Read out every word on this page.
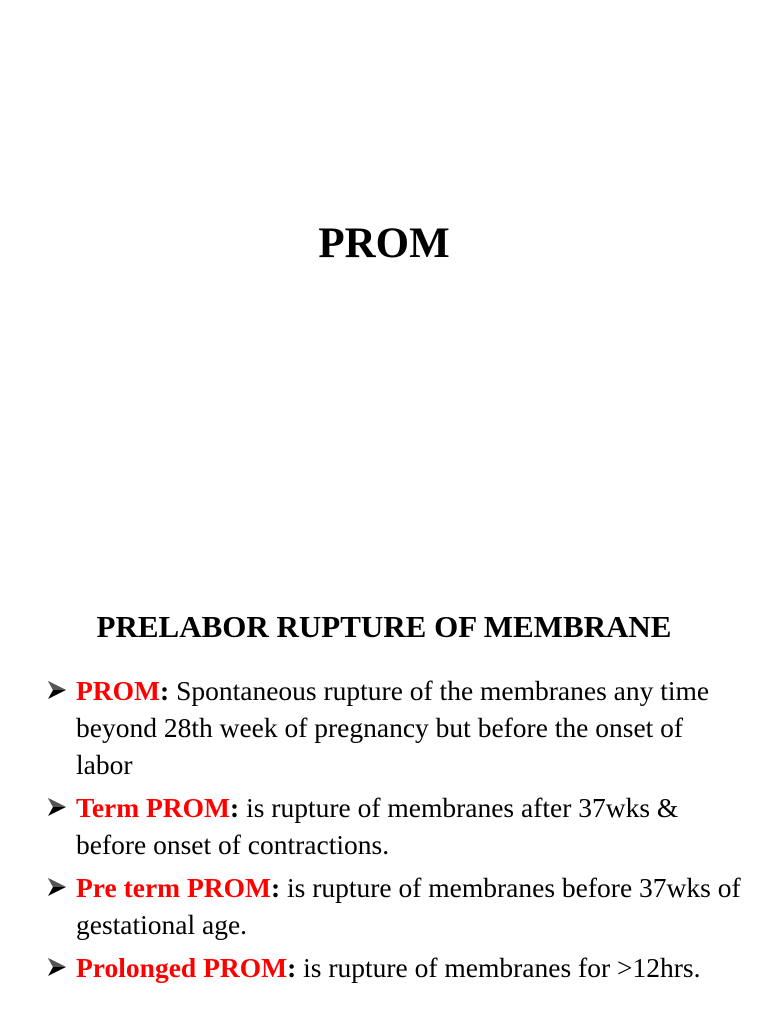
PROM
PRELABOR RUPTURE OF MEMBRANE
PROM: Spontaneous rupture of the membranes any time beyond 28th week of pregnancy but before the onset of labor
Term PROM: is rupture of membranes after 37wks & before onset of contractions.
Pre term PROM: is rupture of membranes before 37wks of gestational age.
Prolonged PROM: is rupture of membranes for >12hrs.
